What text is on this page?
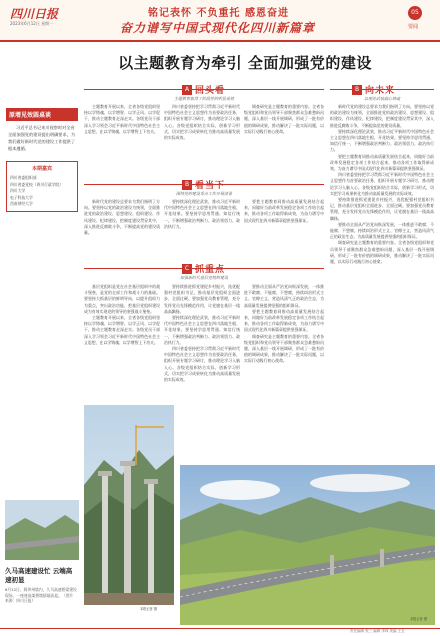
四川日报
2023年6月12日 星期一
铭记表怀 不负重托 感恩奋进
奋力谱写中国式现代化四川新篇章
05
要闻
以主题教育为牵引 全面加强党的建设
原增见效圆桌谈
习近平总书记来川视察时对全省全面加强党的建设提出明确要求，为我们做好新时代党的建设工作提供了根本遵循。
本期嘉宾
四川省委组织部
四川省委党校（四川行政学院）
四川大学
电子科技大学
西南财经大学
A 回头看
主题教育取得了阶段性的明显成效

主题教育开展以来，全省各级党组织坚持以学铸魂、以学增智、以学正风、以学促干，推动主题教育走深走实。各级党员干部深入学习领会习近平新时代中国特色社会主义思想，在以学铸魂、以学增智上下功夫。

四川省委坚持把学习贯彻习近平新时代中国特色社会主义思想作为首要政治任务，组织开展专题学习研讨，推动理论学习入脑入心。各级党组织结合实际，创新学习形式，切实把学习成果转化为推动高质量发展的实际成效。

调查研究是主题教育的重要内容。全省各级党组织和党员领导干部聚焦群众急难愁盼问题，深入基层一线开展调研，形成了一批有价值的调研成果，推动解决了一批实际问题，以实际行动践行初心使命。

B 向未来
以理论武装凝心铸魂

新时代党的建设总要求为我们指明了方向。要坚持以党的政治建设为统领，全面推进党的政治建设、思想建设、组织建设、作风建设、纪律建设，把制度建设贯穿其中，深入推进反腐败斗争，不断提高党的建设质量。

要持续深化理论武装，推动习近平新时代中国特色社会主义思想在四川落地生根、开花结果。要坚持学思用贯通、知信行统一，不断增强政治判断力、政治领悟力、政治执行力。

要把主题教育同推动高质量发展结合起来，同做好当前改革发展稳定各项工作结合起来，推动各项工作取得新成效，为奋力谱写中国式现代化四川新篇章提供坚强保证。

四川省委坚持把学习贯彻习近平新时代中国特色社会主义思想作为首要政治任务，组织开展专题学习研讨，推动理论学习入脑入心。各级党组织结合实际，创新学习形式，切实把学习成果转化为推动高质量发展的实际成效。

要持续推进抓党建促乡村振兴，选优配强村党组织书记，推动基层党组织全面进步、全面过硬。要加强党员教育管理，充分发挥党员先锋模范作用，让党旗在基层一线高高飘扬。

要推动全面从严治党向纵深发展，一体推进不敢腐、不能腐、不想腐，持续纠治形式主义、官僚主义，营造风清气正的政治生态，为高质量发展提供坚强的组织保证。

调查研究是主题教育的重要内容。全省各级党组织和党员领导干部聚焦群众急难愁盼问题，深入基层一线开展调研，形成了一批有价值的调研成果，推动解决了一批实际问题，以实际行动践行初心使命。

B 看当下
围绕党的建设重点工作开展部署

新时代党的建设总要求为我们指明了方向。要坚持以党的政治建设为统领，全面推进党的政治建设、思想建设、组织建设、作风建设、纪律建设，把制度建设贯穿其中，深入推进反腐败斗争，不断提高党的建设质量。

要持续深化理论武装，推动习近平新时代中国特色社会主义思想在四川落地生根、开花结果。要坚持学思用贯通、知信行统一，不断增强政治判断力、政治领悟力、政治执行力。

要把主题教育同推动高质量发展结合起来，同做好当前改革发展稳定各项工作结合起来，推动各项工作取得新成效，为奋力谱写中国式现代化四川新篇章提供坚强保证。

C 抓重点
加强新时代基层党组织建设

基层党组织是党在社会基层组织中的战斗堡垒，是党的全部工作和战斗力的基础。要坚持大抓基层的鲜明导向，以提升组织力为重点，突出政治功能，把基层党组织建设成为有效实现党的领导的坚强战斗堡垒。

主题教育开展以来，全省各级党组织坚持以学铸魂、以学增智、以学正风、以学促干，推动主题教育走深走实。各级党员干部深入学习领会习近平新时代中国特色社会主义思想，在以学铸魂、以学增智上下功夫。

要持续推进抓党建促乡村振兴，选优配强村党组织书记，推动基层党组织全面进步、全面过硬。要加强党员教育管理，充分发挥党员先锋模范作用，让党旗在基层一线高高飘扬。

要持续深化理论武装，推动习近平新时代中国特色社会主义思想在四川落地生根、开花结果。要坚持学思用贯通、知信行统一，不断增强政治判断力、政治领悟力、政治执行力。

四川省委坚持把学习贯彻习近平新时代中国特色社会主义思想作为首要政治任务，组织开展专题学习研讨，推动理论学习入脑入心。各级党组织结合实际，创新学习形式，切实把学习成果转化为推动高质量发展的实际成效。

要推动全面从严治党向纵深发展，一体推进不敢腐、不能腐、不想腐，持续纠治形式主义、官僚主义，营造风清气正的政治生态，为高质量发展提供坚强的组织保证。

要把主题教育同推动高质量发展结合起来，同做好当前改革发展稳定各项工作结合起来，推动各项工作取得新成效，为奋力谱写中国式现代化四川新篇章提供坚强保证。

调查研究是主题教育的重要内容。全省各级党组织和党员领导干部聚焦群众急难愁盼问题，深入基层一线开展调研，形成了一批有价值的调研成果，推动解决了一批实际问题，以实际行动践行初心使命。

本报记者 摄
久马高速建设忙 云端高速初显
6月12日，阿坝州境内，久马高速桥梁建设现场，一座座高架桥墩拔地而起。（图片来源：四川日报）
本报记者 摄
责任编辑 张三 编辑 李四 美编 王五
